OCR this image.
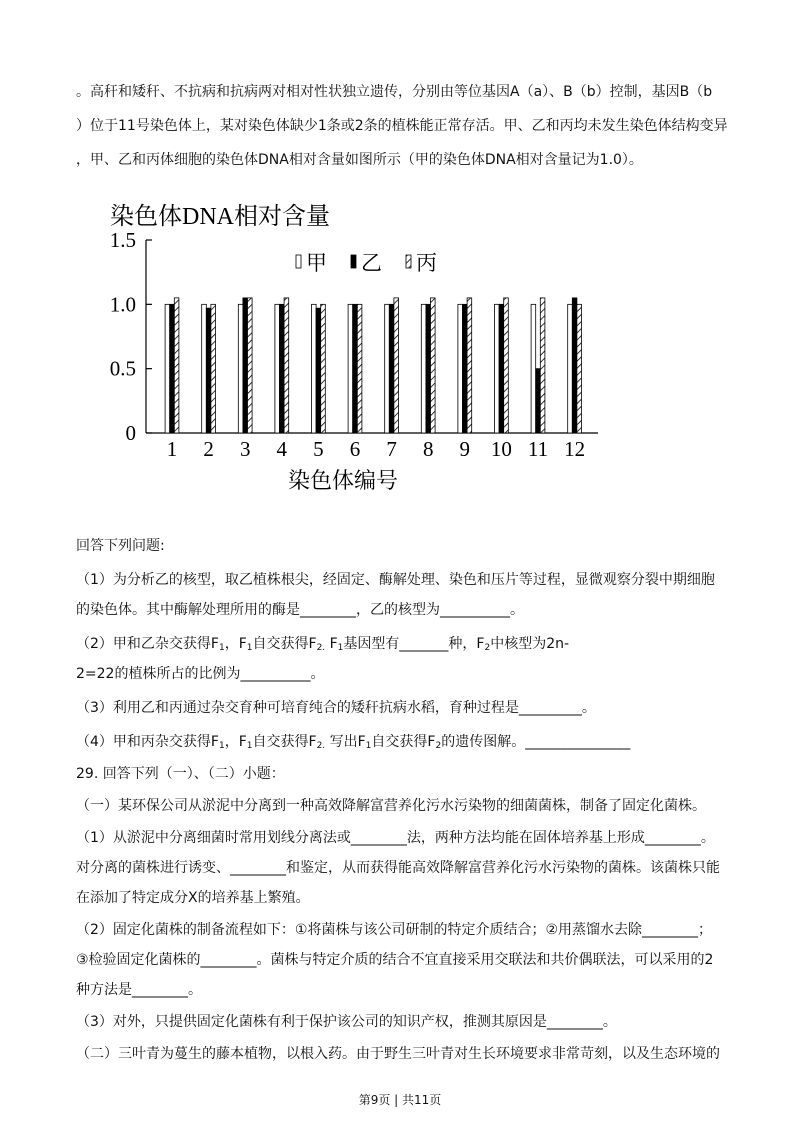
。高秆和矮秆、不抗病和抗病两对相对性状独立遗传，分别由等位基因A（a）、B（b）控制，基因B（b
）位于11号染色体上，某对染色体缺少1条或2条的植株能正常存活。甲、乙和丙均未发生染色体结构变异
，甲、乙和丙体细胞的染色体DNA相对含量如图所示（甲的染色体DNA相对含量记为1.0）。
染色体DNA相对含量
0
0.5
1.0
1.5
1 2 3 4 5 6 7 8 9 10 11 12
甲 乙 丙
染色体编号
回答下列问题:
（1）为分析乙的核型，取乙植株根尖，经固定、酶解处理、染色和压片等过程，显微观察分裂中期细胞
的染色体。其中酶解处理所用的酶是________，乙的核型为__________。
（2）甲和乙杂交获得$F_1$，$F_1$自交获得$F_{2.}$ $F_1$基因型有_______种，$F_2$中核型为2n-
2=22的植株所占的比例为__________。
（3）利用乙和丙通过杂交育种可培育纯合的矮秆抗病水稻，育种过程是_________。
（4）甲和丙杂交获得$F_1$，$F_1$自交获得$F_{2.}$ 写出$F_1$自交获得$F_2$的遗传图解。_______________
29. 回答下列（一）、（二）小题：
（一）某环保公司从淤泥中分离到一种高效降解富营养化污水污染物的细菌菌株，制备了固定化菌株。
（1）从淤泥中分离细菌时常用划线分离法或________法，两种方法均能在固体培养基上形成________。
对分离的菌株进行诱变、________和鉴定，从而获得能高效降解富营养化污水污染物的菌株。该菌株只能
在添加了特定成分X的培养基上繁殖。
（2）固定化菌株的制备流程如下：①将菌株与该公司研制的特定介质结合；②用蒸馏水去除________；
③检验固定化菌株的________。菌株与特定介质的结合不宜直接采用交联法和共价偶联法，可以采用的2
种方法是________。
（3）对外，只提供固定化菌株有利于保护该公司的知识产权，推测其原因是________。
（二）三叶青为蔓生的藤本植物，以根入药。由于野生三叶青对生长环境要求非常苛刻，以及生态环境的
第9页 | 共11页
